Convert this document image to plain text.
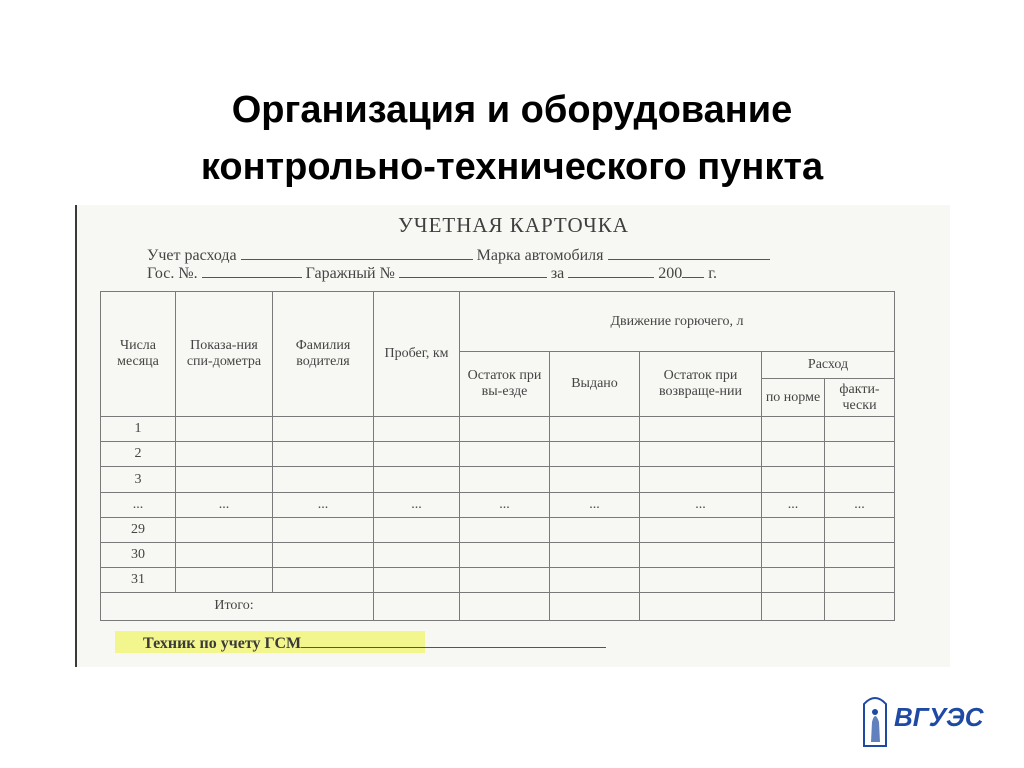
Организация и оборудование
контрольно-технического пункта
УЧЕТНАЯ КАРТОЧКА
Учет расхода	Марка автомобиля
Гос. №.	Гаражный №	за	200 г.
Числа месяца	Показа-ния спи-дометра	Фамилия водителя	Пробег, км	Движение горючего, л				
				Остаток при вы-езде	Выдано	Остаток при возвраще-нии	Расход	
							по норме	факти-чески
1								
2								
3								
...	...	...	...	...	...	...	...	...
29								
30								
31								
Итого:								
Техник по учету ГСМ
ВГУЭС
